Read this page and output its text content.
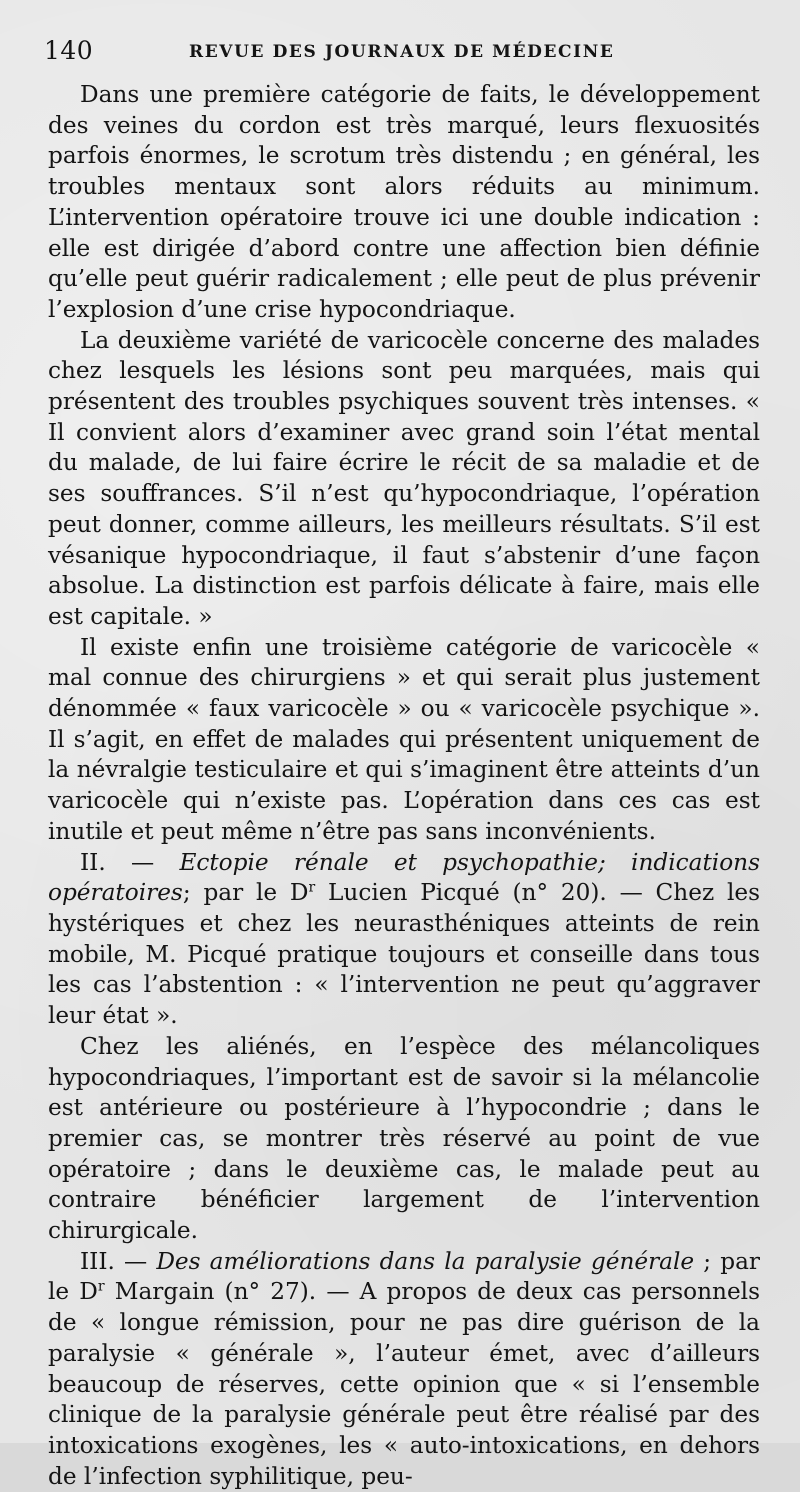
140	REVUE DES JOURNAUX DE MÉDECINE

Dans une première catégorie de faits, le développement des veines du cordon est très marqué, leurs flexuosités parfois énormes, le scrotum très distendu ; en général, les troubles mentaux sont alors réduits au minimum. L’intervention opératoire trouve ici une double indication : elle est dirigée d’abord contre une affection bien définie qu’elle peut guérir radicalement ; elle peut de plus prévenir l’explosion d’une crise hypocondriaque.

La deuxième variété de varicocèle concerne des malades chez lesquels les lésions sont peu marquées, mais qui présentent des troubles psychiques souvent très intenses. « Il convient alors d’examiner avec grand soin l’état mental du malade, de lui faire écrire le récit de sa maladie et de ses souffrances. S’il n’est qu’hypocondriaque, l’opération peut donner, comme ailleurs, les meilleurs résultats. S’il est vésanique hypocondriaque, il faut s’abstenir d’une façon absolue. La distinction est parfois délicate à faire, mais elle est capitale. »

Il existe enfin une troisième catégorie de varicocèle « mal connue des chirurgiens » et qui serait plus justement dénommée « faux varicocèle » ou « varicocèle psychique ». Il s’agit, en effet de malades qui présentent uniquement de la névralgie testiculaire et qui s’imaginent être atteints d’un varicocèle qui n’existe pas. L’opération dans ces cas est inutile et peut même n’être pas sans inconvénients.

II. — Ectopie rénale et psychopathie; indications opératoires; par le $D^r$ Lucien Picqué (n° 20). — Chez les hystériques et chez les neurasthéniques atteints de rein mobile, M. Picqué pratique toujours et conseille dans tous les cas l’abstention : « l’intervention ne peut qu’aggraver leur état ».

Chez les aliénés, en l’espèce des mélancoliques hypocondriaques, l’important est de savoir si la mélancolie est antérieure ou postérieure à l’hypocondrie ; dans le premier cas, se montrer très réservé au point de vue opératoire ; dans le deuxième cas, le malade peut au contraire bénéficier largement de l’intervention chirurgicale.

III. — Des améliorations dans la paralysie générale ; par le $D^r$ Margain (n° 27). — A propos de deux cas personnels de « longue rémission, pour ne pas dire guérison de la paralysie « générale », l’auteur émet, avec d’ailleurs beaucoup de réserves, cette opinion que « si l’ensemble clinique de la paralysie générale peut être réalisé par des intoxications exogènes, les « auto-intoxications, en dehors de l’infection syphilitique, peu-
